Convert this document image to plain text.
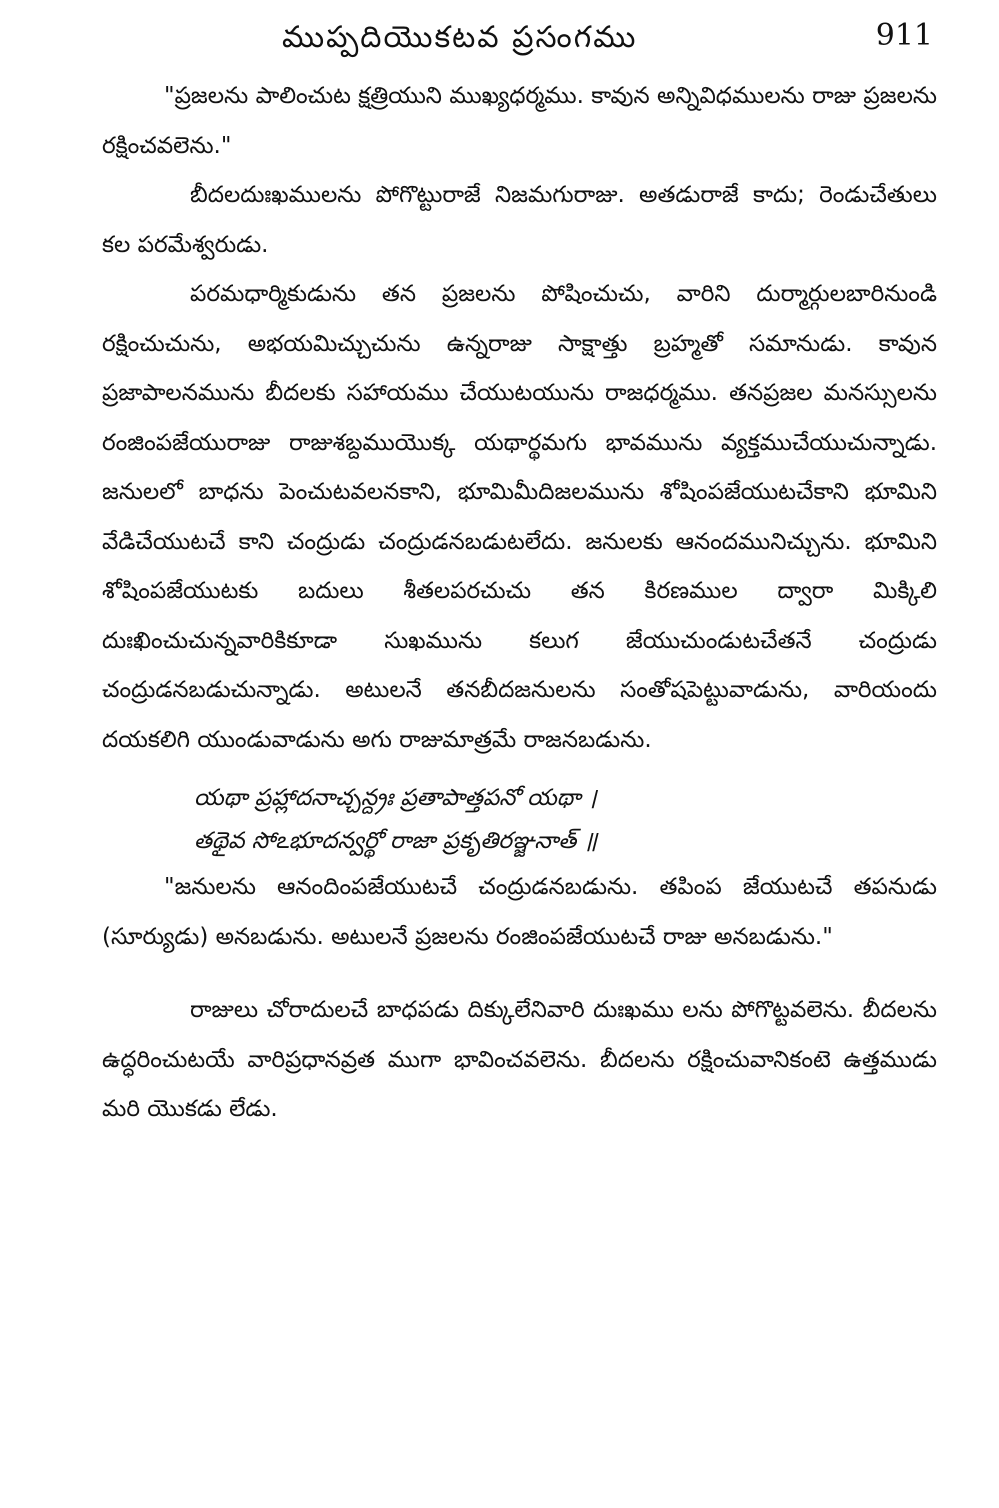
ముప్పదియొకటవ ప్రసంగము	911

"ప్రజలను పాలించుట క్షత్రియుని ముఖ్యధర్మము. కావున అన్నివిధములను రాజు ప్రజలను రక్షించవలెను."

బీదలదుఃఖములను పోగొట్టురాజే నిజమగురాజు. అతడురాజే కాదు; రెండుచేతులు కల పరమేశ్వరుడు.

పరమధార్మికుడును తన ప్రజలను పోషించుచు, వారిని దుర్మార్గులబారినుండి రక్షించుచును, అభయమిచ్చుచును ఉన్నరాజు సాక్షాత్తు బ్రహ్మతో సమానుడు. కావున ప్రజాపాలనమును బీదలకు సహాయము చేయుటయును రాజధర్మము. తనప్రజల మనస్సులను రంజింపజేయురాజు రాజుశబ్దముయొక్క యథార్థమగు భావమును వ్యక్తముచేయుచున్నాడు. జనులలో బాధను పెంచుటవలనకాని, భూమిమీదిజలమును శోషింపజేయుటచేకాని భూమిని వేడిచేయుటచే కాని చంద్రుడు చంద్రుడనబడుటలేదు. జనులకు ఆనందమునిచ్చును. భూమిని శోషింపజేయుటకు బదులు శీతలపరచుచు తన కిరణముల ద్వారా మిక్కిలి దుఃఖించుచున్నవారికికూడా సుఖమును కలుగ జేయుచుండుటచేతనే చంద్రుడు చంద్రుడనబడుచున్నాడు. అటులనే తనబీదజనులను సంతోషపెట్టువాడును, వారియందు దయకలిగి యుండువాడును అగు రాజుమాత్రమే రాజనబడును.

యథా ప్రహ్లాదనాచ్చన్ద్రః ప్రతాపాత్తపనో యథా ।
తథైవ సోఽభూదన్వర్థో రాజా ప్రకృతిరఞ్జనాత్ ॥

"జనులను ఆనందింపజేయుటచే చంద్రుడనబడును. తపింప జేయుటచే తపనుడు (సూర్యుడు) అనబడును. అటులనే ప్రజలను రంజింపజేయుటచే రాజు అనబడును."

రాజులు చోరాదులచే బాధపడు దిక్కులేనివారి దుఃఖము లను పోగొట్టవలెను. బీదలను ఉద్ధరించుటయే వారిప్రధానవ్రత ముగా భావించవలెను. బీదలను రక్షించువానికంటె ఉత్తముడు మరి యొకడు లేడు.
